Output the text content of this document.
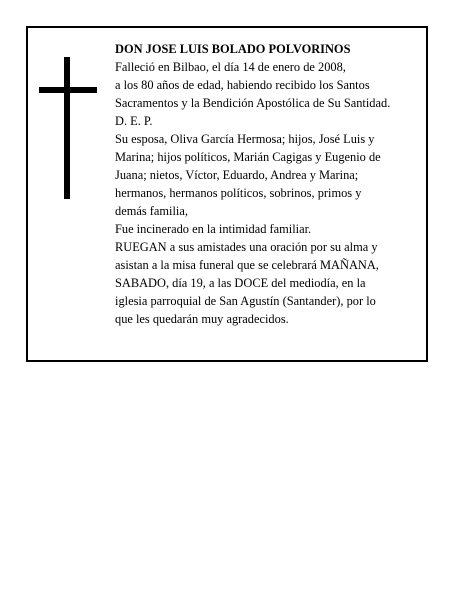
DON JOSE LUIS BOLADO POLVORINOS
Falleció en Bilbao, el día 14 de enero de 2008,
a los 80 años de edad, habiendo recibido los Santos
Sacramentos y la Bendición Apostólica de Su Santidad.
D. E. P.
Su esposa, Oliva García Hermosa; hijos, José Luis y
Marina; hijos políticos, Marián Cagigas y Eugenio de
Juana; nietos, Víctor, Eduardo, Andrea y Marina;
hermanos, hermanos políticos, sobrinos, primos y
demás familia,
Fue incinerado en la intimidad familiar.
RUEGAN a sus amistades una oración por su alma y
asistan a la misa funeral que se celebrará MAÑANA,
SABADO, día 19, a las DOCE del mediodía, en la
iglesia parroquial de San Agustín (Santander), por lo
que les quedarán muy agradecidos.
